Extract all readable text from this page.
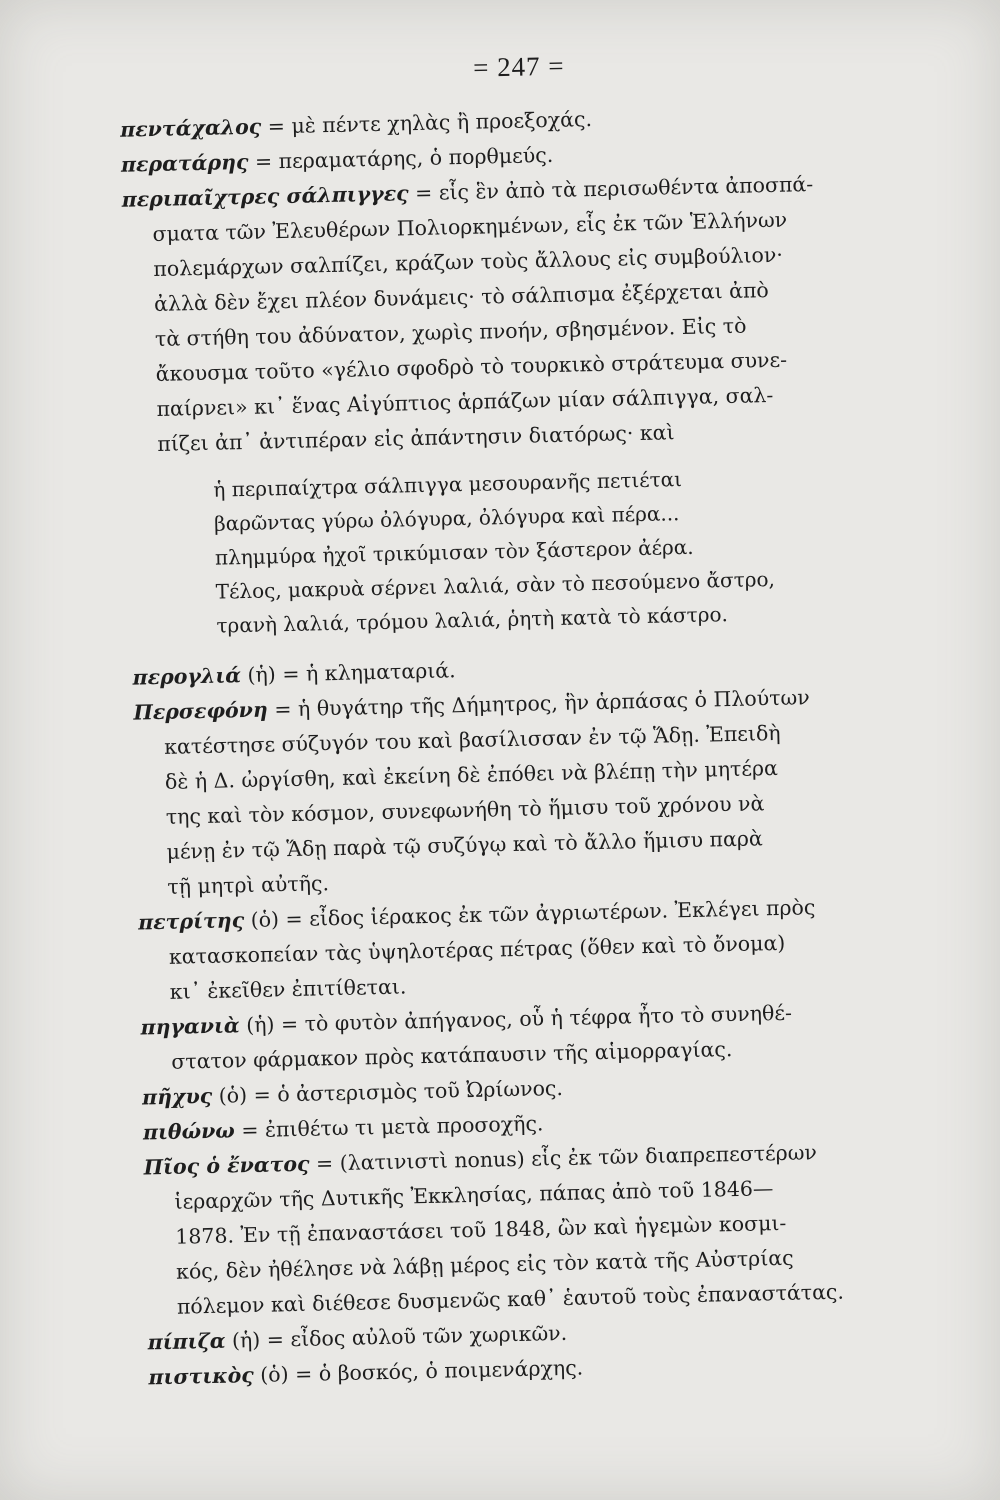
= 247 =
πεντάχαλος = μὲ πέντε χηλὰς ἢ προεξοχάς.
περατάρης = περαματάρης, ὁ πορθμεύς.
περιπαῖχτρες σάλπιγγες = εἷς ἓν ἀπὸ τὰ περισωθέντα ἀποσπά-
σματα τῶν Ἐλευθέρων Πολιορκημένων, εἷς ἐκ τῶν Ἑλλήνων
πολεμάρχων σαλπίζει, κράζων τοὺς ἄλλους εἰς συμβούλιον·
ἀλλὰ δὲν ἔχει πλέον δυνάμεις· τὸ σάλπισμα ἐξέρχεται ἀπὸ
τὰ στήθη του ἀδύνατον, χωρὶς πνοήν, σβησμένον. Εἰς τὸ
ἄκουσμα τοῦτο «γέλιο σφοδρὸ τὸ τουρκικὸ στράτευμα συνε-
παίρνει» κι᾽ ἕνας Αἰγύπτιος ἁρπάζων μίαν σάλπιγγα, σαλ-
πίζει ἀπ᾽ ἀντιπέραν εἰς ἀπάντησιν διατόρως· καὶ
ἡ περιπαίχτρα σάλπιγγα μεσουρανῆς πετιέται
βαρῶντας γύρω ὀλόγυρα, ὀλόγυρα καὶ πέρα...
πλημμύρα ἠχοῖ τρικύμισαν τὸν ξάστερον ἀέρα.
Τέλος, μακρυὰ σέρνει λαλιά, σὰν τὸ πεσούμενο ἄστρο,
τρανὴ λαλιά, τρόμου λαλιά, ῥητὴ κατὰ τὸ κάστρο.
περογλιά (ἡ) = ἡ κληματαριά.
Περσεφόνη = ἡ θυγάτηρ τῆς Δήμητρος, ἣν ἁρπάσας ὁ Πλούτων
κατέστησε σύζυγόν του καὶ βασίλισσαν ἐν τῷ Ἅδῃ. Ἐπειδὴ
δὲ ἡ Δ. ὠργίσθη, καὶ ἐκείνη δὲ ἐπόθει νὰ βλέπῃ τὴν μητέρα
της καὶ τὸν κόσμον, συνεφωνήθη τὸ ἥμισυ τοῦ χρόνου νὰ
μένῃ ἐν τῷ Ἅδῃ παρὰ τῷ συζύγῳ καὶ τὸ ἄλλο ἥμισυ παρὰ
τῇ μητρὶ αὐτῆς.
πετρίτης (ὁ) = εἶδος ἱέρακος ἐκ τῶν ἀγριωτέρων. Ἐκλέγει πρὸς
κατασκοπείαν τὰς ὑψηλοτέρας πέτρας (ὅθεν καὶ τὸ ὄνομα)
κι᾽ ἐκεῖθεν ἐπιτίθεται.
πηγανιὰ (ἡ) = τὸ φυτὸν ἀπήγανος, οὗ ἡ τέφρα ἦτο τὸ συνηθέ-
στατον φάρμακον πρὸς κατάπαυσιν τῆς αἱμορραγίας.
πῆχυς (ὁ) = ὁ ἀστερισμὸς τοῦ Ὠρίωνος.
πιθώνω = ἐπιθέτω τι μετὰ προσοχῆς.
Πῖος ὁ ἔνατος = (λατινιστὶ nonus) εἷς ἐκ τῶν διαπρεπεστέρων
ἱεραρχῶν τῆς Δυτικῆς Ἐκκλησίας, πάπας ἀπὸ τοῦ 1846—
1878. Ἐν τῇ ἐπαναστάσει τοῦ 1848, ὢν καὶ ἡγεμὼν κοσμι-
κός, δὲν ἠθέλησε νὰ λάβῃ μέρος εἰς τὸν κατὰ τῆς Αὐστρίας
πόλεμον καὶ διέθεσε δυσμενῶς καθ᾽ ἑαυτοῦ τοὺς ἐπαναστάτας.
πίπιζα (ἡ) = εἶδος αὐλοῦ τῶν χωρικῶν.
πιστικὸς (ὁ) = ὁ βοσκός, ὁ ποιμενάρχης.
